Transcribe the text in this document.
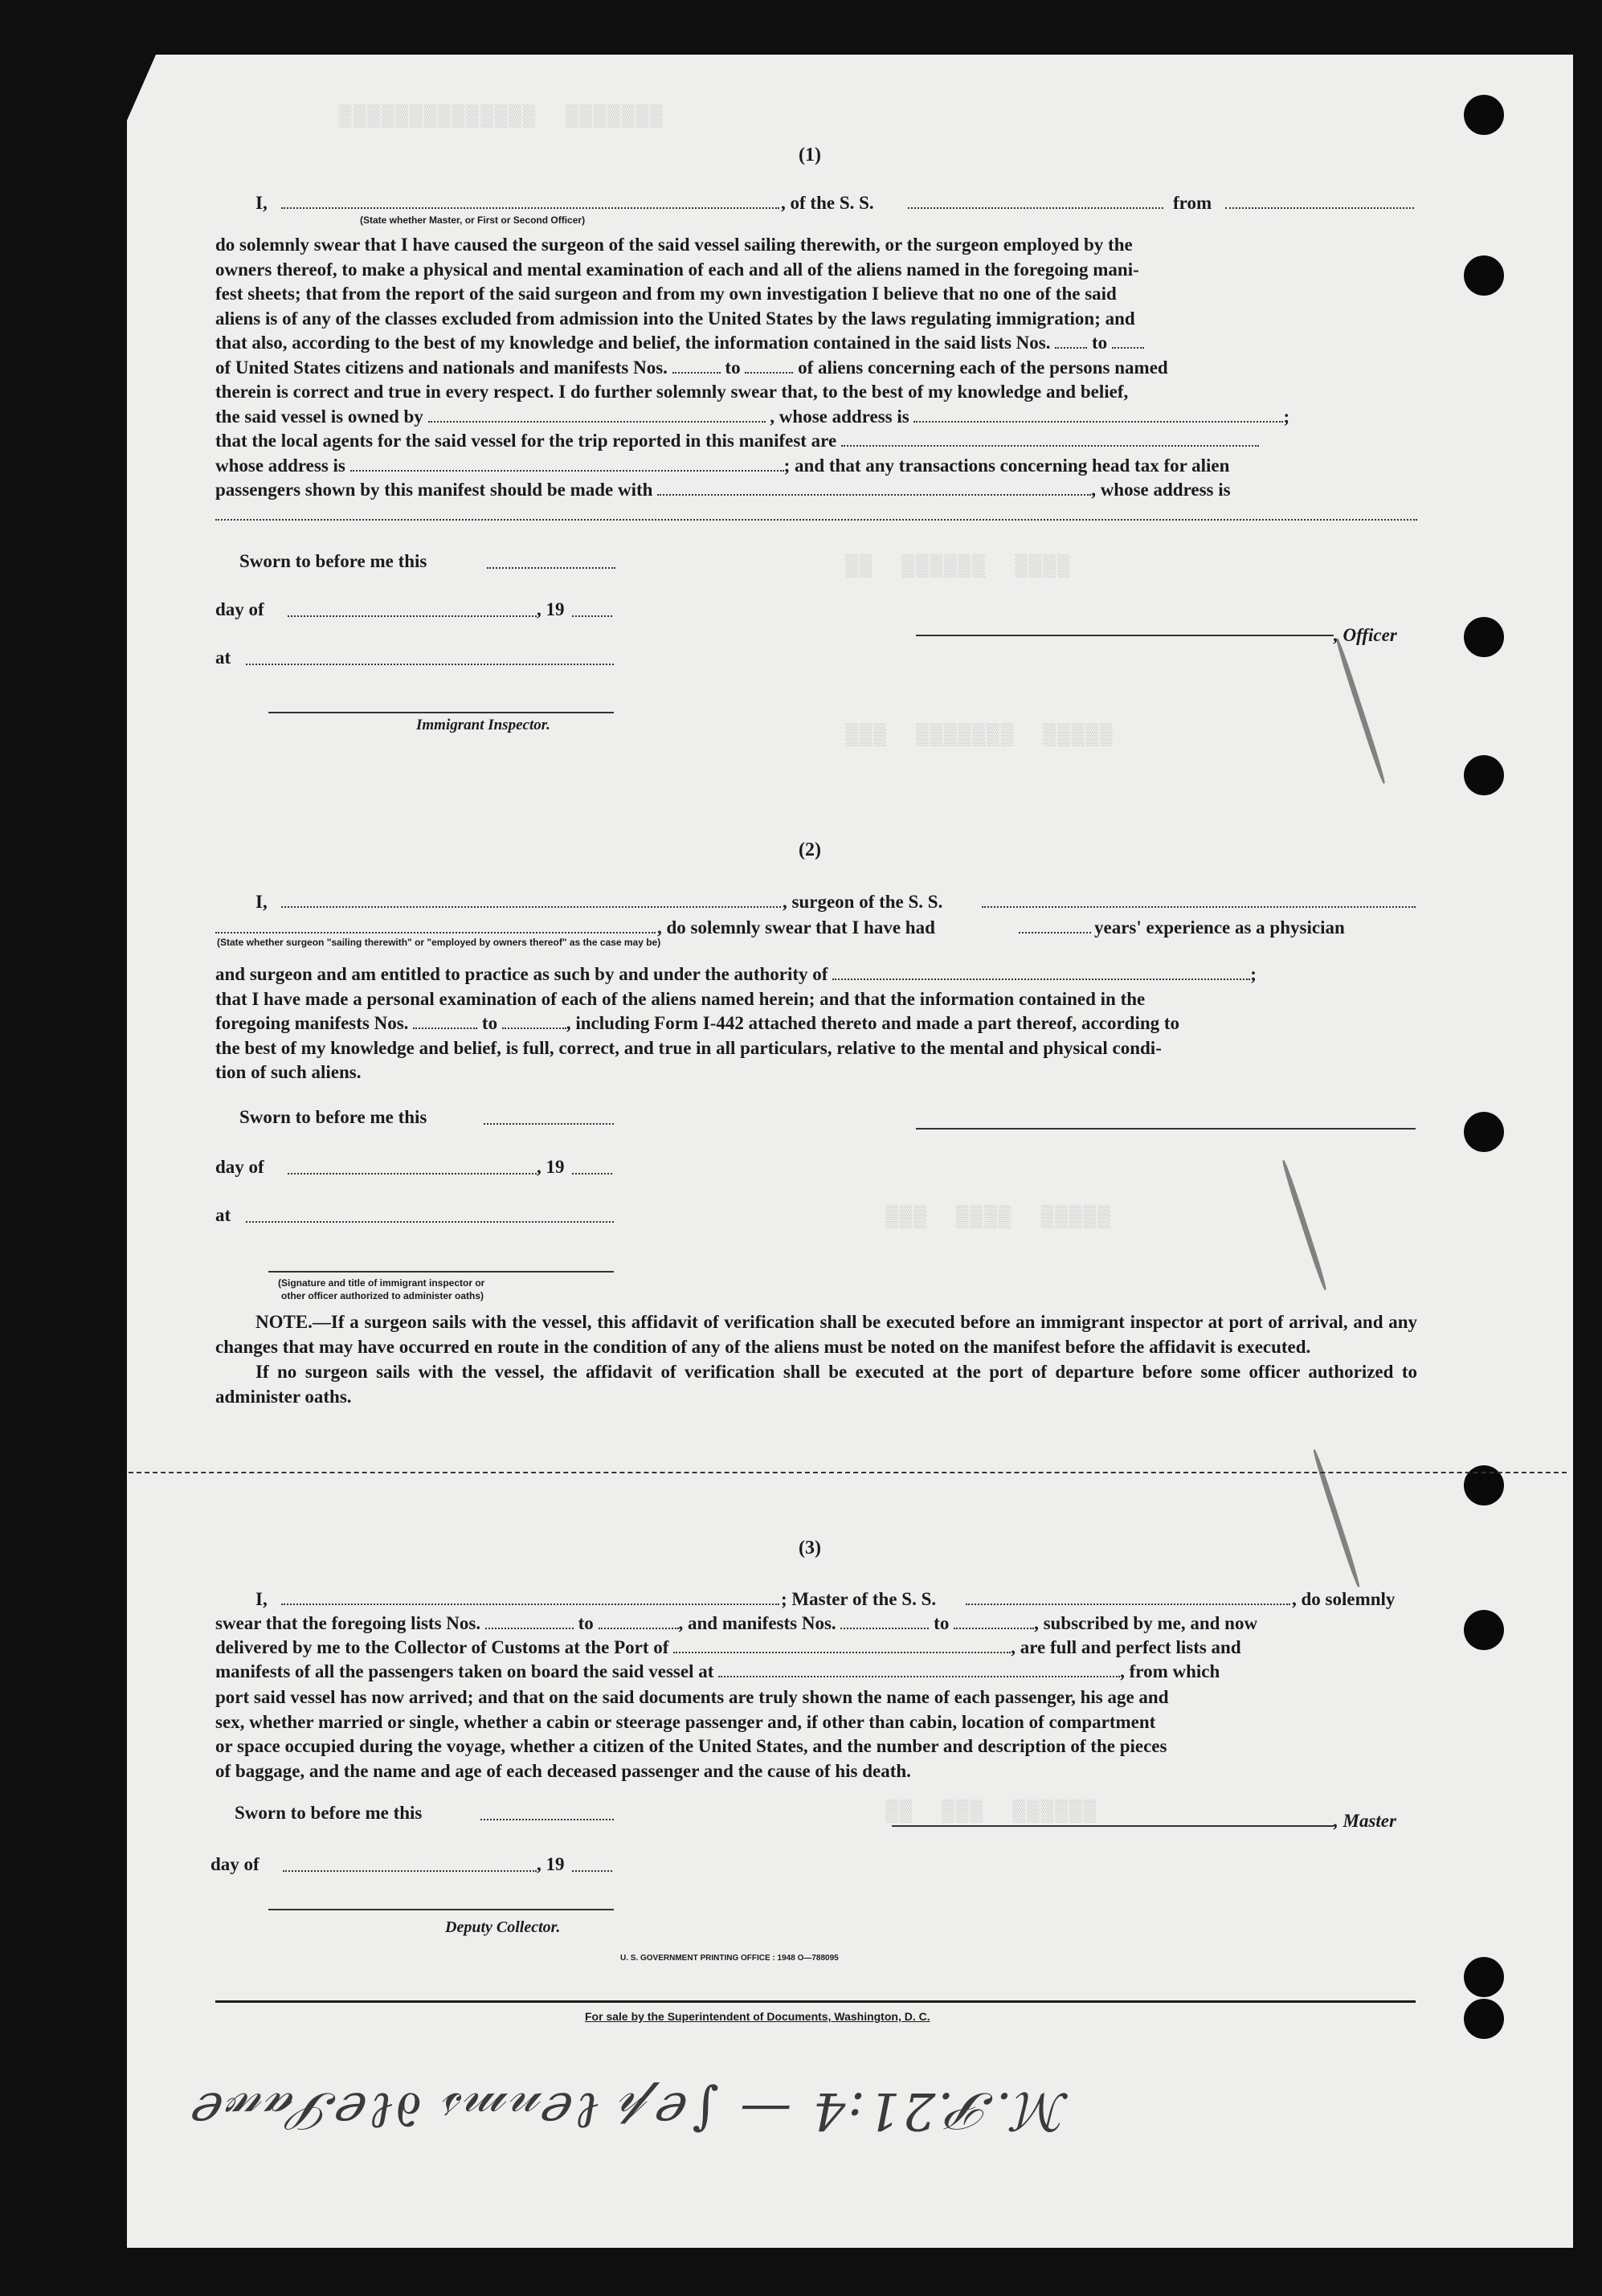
▒▒▒▒▒▒▒  ▒▒▒▒▒▒▒▒▒▒▒▒▒▒
▒▒▒▒  ▒▒▒▒▒▒  ▒▒
▒▒▒▒▒  ▒▒▒▒▒▒▒  ▒▒▒
▒▒▒▒▒  ▒▒▒▒  ▒▒▒
▒▒▒▒▒▒  ▒▒▒  ▒▒
(1)
I,	, of the S. S.	from
(State whether Master, or First or Second Officer)

do solemnly swear that I have caused the surgeon of the said vessel sailing therewith, or the surgeon employed by the

owners thereof, to make a physical and mental examination of each and all of the aliens named in the foregoing mani-

fest sheets; that from the report of the said surgeon and from my own investigation I believe that no one of the said

aliens is of any of the classes excluded from admission into the United States by the laws regulating immigration; and

that also, according to the best of my knowledge and belief, the information contained in the said lists Nos. to

of United States citizens and nationals and manifests Nos.	to	of aliens concerning each of the persons named

therein is correct and true in every respect. I do further solemnly swear that, to the best of my knowledge and belief,

the said vessel is owned by	, whose address is	;

that the local agents for the said vessel for the trip reported in this manifest are

whose address is	; and that any transactions concerning head tax for alien

passengers shown by this manifest should be made with	, whose address is

Sworn to before me this
day of	, 19
at
, Officer
Immigrant Inspector.
(2)
I,	, surgeon of the S. S.
, do solemnly swear that I have had	years' experience as a physician
(State whether surgeon "sailing therewith" or "employed by owners thereof" as the case may be)

and surgeon and am entitled to practice as such by and under the authority of	;

that I have made a personal examination of each of the aliens named herein; and that the information contained in the

foregoing manifests Nos.	to	, including Form I-442 attached thereto and made a part thereof, according to

the best of my knowledge and belief, is full, correct, and true in all particulars, relative to the mental and physical condi-

tion of such aliens.

Sworn to before me this
day of	, 19
at
(Signature and title of immigrant inspector or
other officer authorized to administer oaths)

NOTE.—If a surgeon sails with the vessel, this affidavit of verification shall be executed before an immigrant inspector at port of arrival, and any changes that may have occurred en route in the condition of any of the aliens must be noted on the manifest before the affidavit is executed.

If no surgeon sails with the vessel, the affidavit of verification shall be executed at the port of departure before some officer authorized to administer oaths.

(3)
I,	; Master of the S. S.	, do solemnly
swear that the foregoing lists Nos.	to	, and manifests Nos.	to	, subscribed by me, and now
delivered by me to the Collector of Customs at the Port of	, are full and perfect lists and
manifests of all the passengers taken on board the said vessel at	, from which

port said vessel has now arrived; and that on the said documents are truly shown the name of each passenger, his age and

sex, whether married or single, whether a cabin or steerage passenger and, if other than cabin, location of compartment

or space occupied during the voyage, whether a citizen of the United States, and the number and description of the pieces

of baggage, and the name and age of each deceased passenger and the cause of his death.

Sworn to before me this	, Master
day of	, 19
Deputy Collector.
U. S. GOVERNMENT PRINTING OFFICE : 1948 O—788095
For sale by the Superintendent of Documents, Washington, D. C.
ℳ.𝒫.21:4 — ∫ℯ𝓅 ℓℯ𝓃𝓂𝓈 ∂ℓℯ𝒮𝒶𝓌ℯ
